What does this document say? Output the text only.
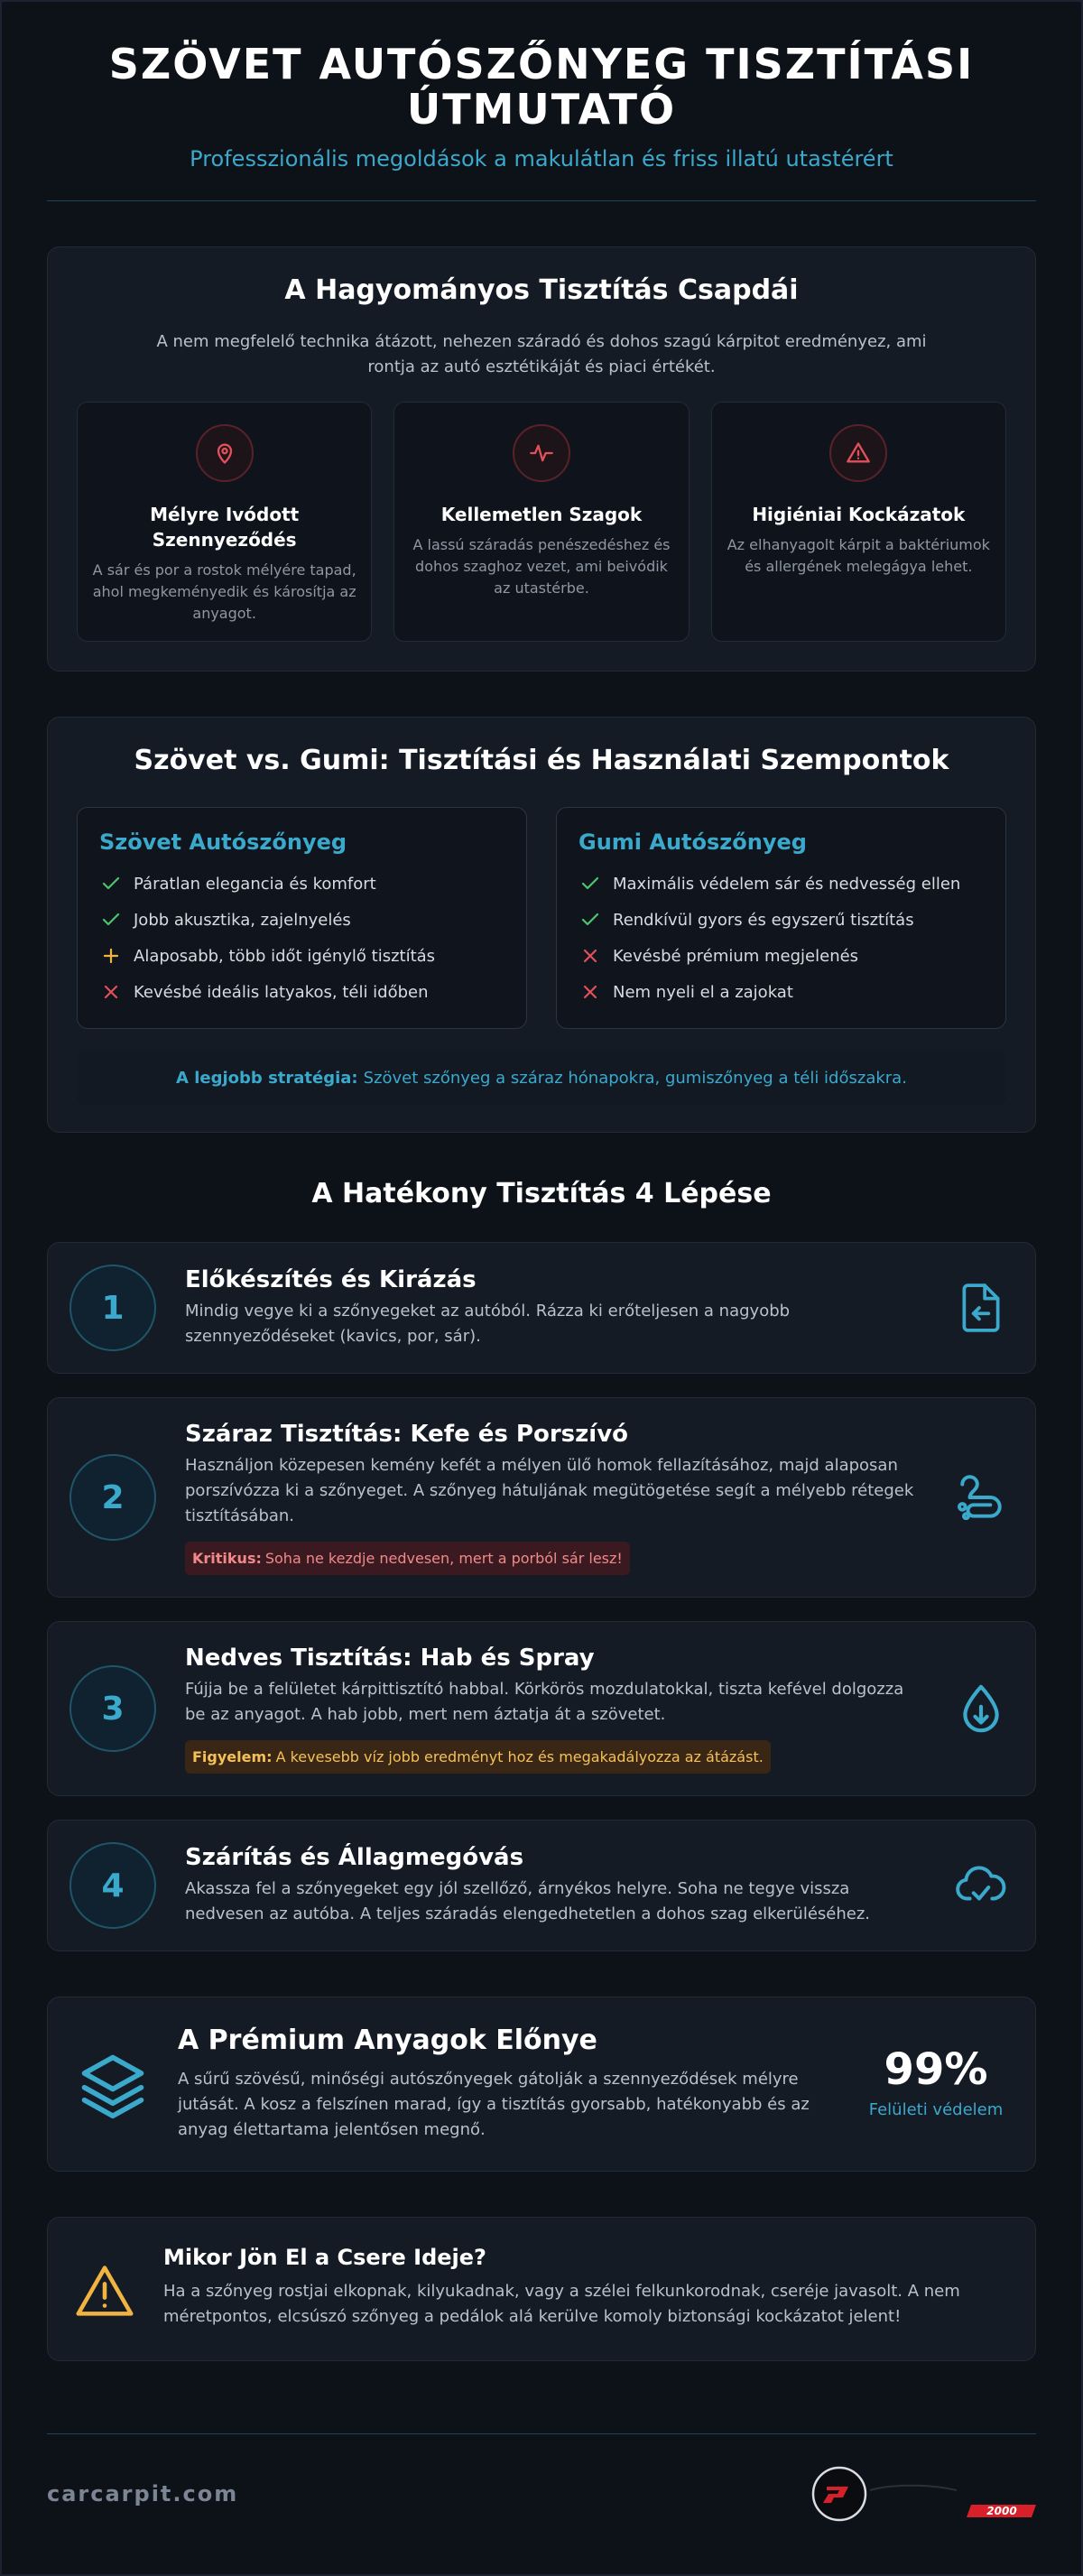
SZÖVET AUTÓSZŐNYEG TISZTÍTÁSI ÚTMUTATÓ
Professzionális megoldások a makulátlan és friss illatú utastérért
A Hagyományos Tisztítás Csapdái

A nem megfelelő technika átázott, nehezen száradó és dohos szagú kárpitot eredményez, ami rontja az autó esztétikáját és piaci értékét.

Mélyre Ivódott Szennyeződés

A sár és por a rostok mélyére tapad, ahol megkeményedik és károsítja az anyagot.

Kellemetlen Szagok

A lassú száradás penészedéshez és dohos szaghoz vezet, ami beivódik az utastérbe.

Higiéniai Kockázatok

Az elhanyagolt kárpit a baktériumok és allergének melegágya lehet.

Szövet vs. Gumi: Tisztítási és Használati Szempontok
Szövet Autószőnyeg
Páratlan elegancia és komfort
Jobb akusztika, zajelnyelés
Alaposabb, több időt igénylő tisztítás
Kevésbé ideális latyakos, téli időben
Gumi Autószőnyeg
Maximális védelem sár és nedvesség ellen
Rendkívül gyors és egyszerű tisztítás
Kevésbé prémium megjelenés
Nem nyeli el a zajokat
A legjobb stratégia: Szövet szőnyeg a száraz hónapokra, gumiszőnyeg a téli időszakra.
A Hatékony Tisztítás 4 Lépése
1
Előkészítés és Kirázás

Mindig vegye ki a szőnyegeket az autóból. Rázza ki erőteljesen a nagyobb szennyeződéseket (kavics, por, sár).

2
Száraz Tisztítás: Kefe és Porszívó

Használjon közepesen kemény kefét a mélyen ülő homok fellazításához, majd alaposan porszívózza ki a szőnyeget. A szőnyeg hátuljának megütögetése segít a mélyebb rétegek tisztításában.

Kritikus: Soha ne kezdje nedvesen, mert a porból sár lesz!
3
Nedves Tisztítás: Hab és Spray

Fújja be a felületet kárpittisztító habbal. Körkörös mozdulatokkal, tiszta kefével dolgozza be az anyagot. A hab jobb, mert nem áztatja át a szövetet.

Figyelem: A kevesebb víz jobb eredményt hoz és megakadályozza az átázást.
4
Szárítás és Állagmegóvás

Akassza fel a szőnyegeket egy jól szellőző, árnyékos helyre. Soha ne tegye vissza nedvesen az autóba. A teljes száradás elengedhetetlen a dohos szag elkerüléséhez.

A Prémium Anyagok Előnye

A sűrű szövésű, minőségi autószőnyegek gátolják a szennyeződések mélyre jutását. A kosz a felszínen marad, így a tisztítás gyorsabb, hatékonyabb és az anyag élettartama jelentősen megnő.

99%
Felületi védelem
Mikor Jön El a Csere Ideje?

Ha a szőnyeg rostjai elkopnak, kilyukadnak, vagy a szélei felkunkorodnak, cseréje javasolt. A nem méretpontos, elcsúszó szőnyeg a pedálok alá kerülve komoly biztonsági kockázatot jelent!

carcarpit.com
2000
